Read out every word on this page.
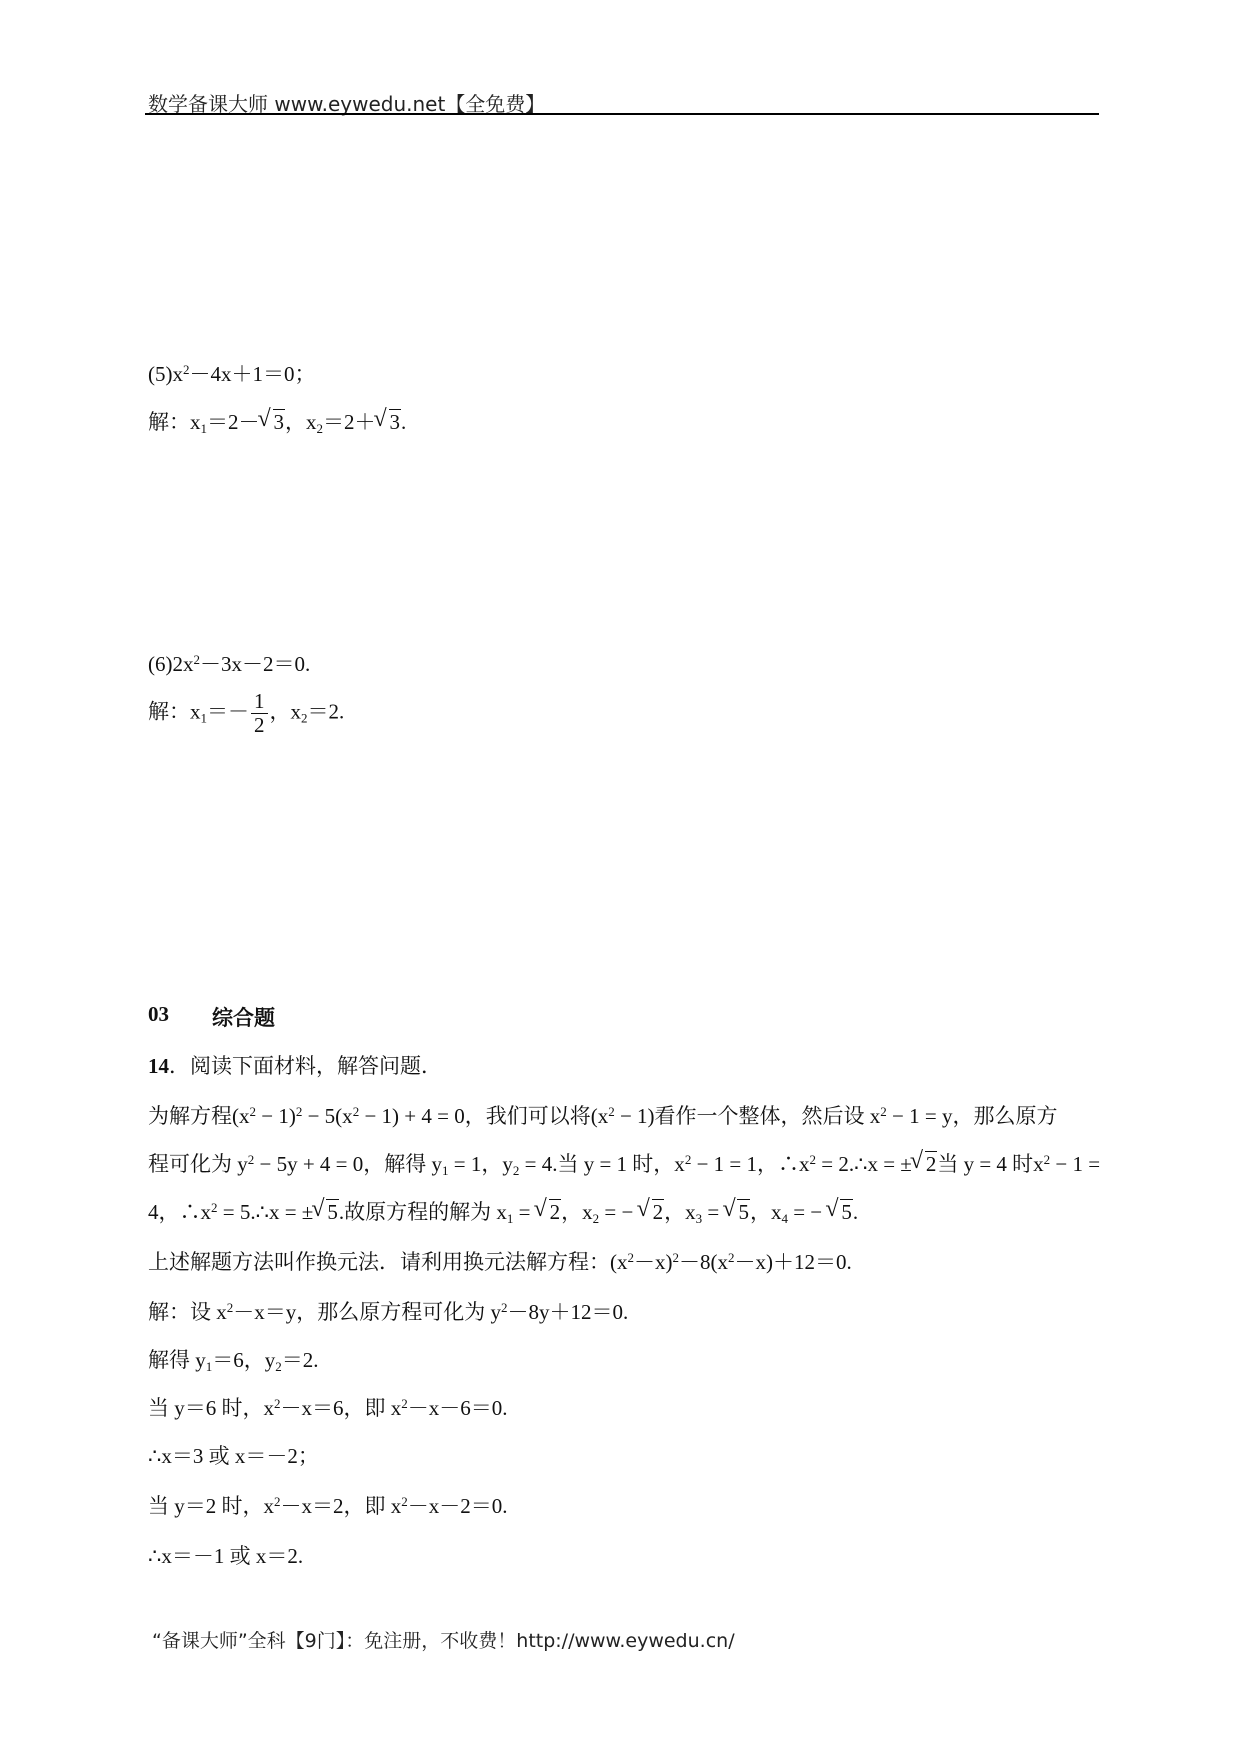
数学备课大师 www.eywedu.net【全免费】
$(5)x^2-4x+1=0$；
解：$x_1=2-√$ 3，$x_2=2+√$ 3.
$(6)2x^2-3x-2=0$.
解：$x_1=- \frac{1}{2}$ ，$x_2=2$.
03 综合题
14．阅读下面材料，解答问题．
为解方程$(x^2 - 1)^2 - 5(x^2 - 1) + 4 = 0$，我们可以将$(x^2 - 1)$看作一个整体，然后设 $x^2 - 1 = y$，那么原方
程可化为 $y^2 - 5y + 4 = 0$，解得 $y_1 = 1$，$y_2 = 4$.当 y = 1 时，$x^2 - 1 = 1$，$\therefore x^2$ = 2.∴x = ±√ 2当 y = 4 时$x^2 - 1$ =
4，$\therefore x^2$ = 5.∴x = ±√ 5.故原方程的解为 $x_1$ = √ 2，$x_2$ = − √ 2，$x_3$ = √ 5，$x_4$ = − √ 5.
上述解题方法叫作换元法．请利用换元法解方程：$(x^2-x)^2-8(x^2-x)+12=0$.
解：设 $x^2-x=y$，那么原方程可化为 $y^2-8y+12=0$.
解得 $y_1=6$，$y_2=2$.
当 y＝6 时，$x^2-x=6$，即 $x^2-x-6=0$.
∴x＝3 或 x＝－2；
当 y＝2 时，$x^2-x=2$，即 $x^2-x-2=0$.
∴x＝－1 或 x＝2.
“备课大师”全科【9门】：免注册，不收费！http://www.eywedu.cn/
